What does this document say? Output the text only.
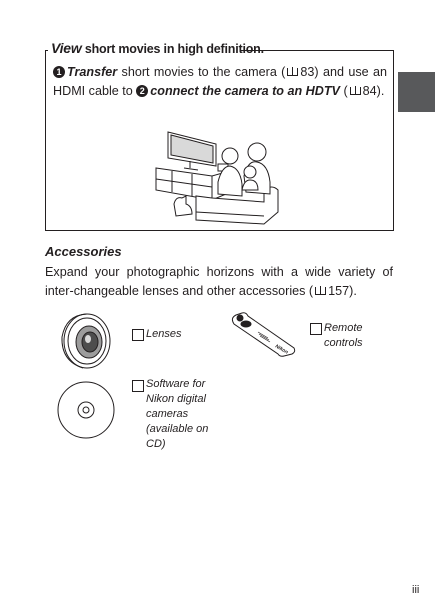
View short movies in high definition.
1 Transfer short movies to the camera ( 83) and use an HDMI cable to 2 connect the camera to an HDTV ( 84).
Accessories
Expand your photographic horizons with a wide variety of inter-changeable lenses and other accessories ( 157).
Lenses
Nikon
Remote controls
Software for Nikon digital cameras (available on CD)
iii
